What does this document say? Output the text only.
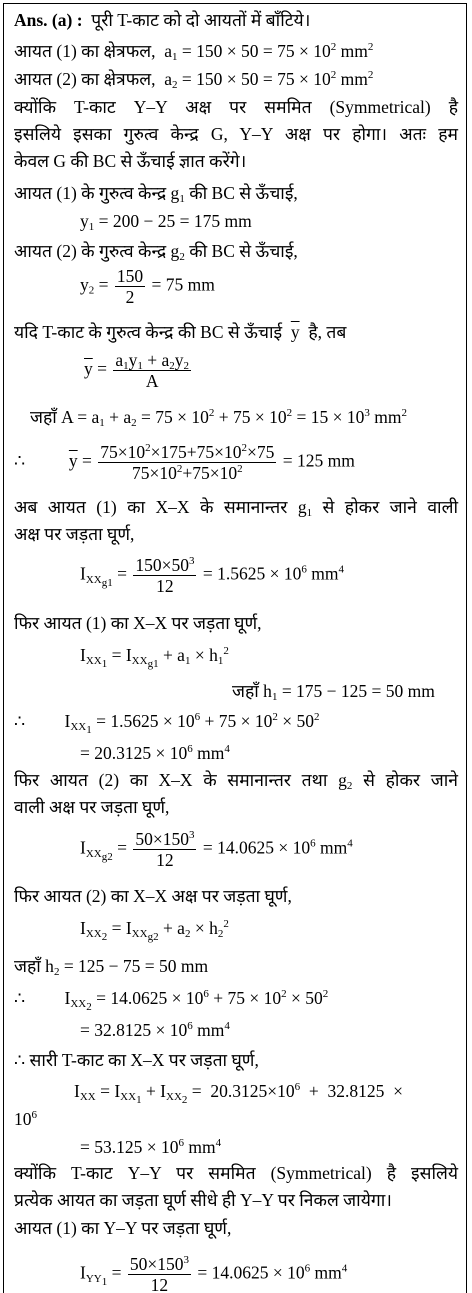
Ans. (a) :  पूरी T-काट को दो आयतों में बाँटिये।
आयत (1) का क्षेत्रफल,  $a_1 = 150 \times 50 = 75 \times 10^2$ $mm^2$
आयत (2) का क्षेत्रफल,  $a_2 = 150 \times 50 = 75 \times 10^2$ $mm^2$
क्योंकि T-काट Y–Y अक्ष पर सममित (Symmetrical) है
इसलिये इसका गुरुत्व केन्द्र G, Y–Y अक्ष पर होगा। अतः हम
केवल G की BC से ऊँचाई ज्ञात करेंगे।
आयत (1) के गुरुत्व केन्द्र $g_1$ की BC से ऊँचाई,
$y_1 = 200 - 25 = 175$ mm
आयत (2) के गुरुत्व केन्द्र $g_2$ की BC से ऊँचाई,
$y_2 = \frac{150}{2} = 75$ mm
यदि T-काट के गुरुत्व केन्द्र की BC से ऊँचाई  $\overline{y}$  है, तब
$\overline{y} = \frac{a_1y_1 + a_2y_2}{A}$
जहाँ $A = a_1 + a_2 = 75 \times 10^2 + 75 \times 10^2 = 15 \times 10^3$ $mm^2$
∴          $\overline{y} = \frac{75\times 10^2\times 175+75\times 10^2\times 75}{75\times 10^2+75\times 10^2} = 125$ mm
अब आयत (1) का X–X के समानान्तर $g_1$ से होकर जाने वाली
अक्ष पर जड़ता घूर्ण,
$I_{XX_{g1}} = \frac{150\times 50^3}{12} = 1.5625 \times 10^6$ $mm^4$
फिर आयत (1) का X–X पर जड़ता घूर्ण,
$I_{XX_1} = I_{XX_{g1}} + a_1 \times h_1^2$
जहाँ $h_1 = 175 - 125 = 50$ mm
∴         $I_{XX_1} = 1.5625 \times 10^6 + 75 \times 10^2 \times 50^2$
= $20.3125 \times 10^6$ $mm^4$
फिर आयत (2) का X–X के समानान्तर तथा $g_2$ से होकर जाने
वाली अक्ष पर जड़ता घूर्ण,
$I_{XX_{g2}} = \frac{50\times 150^3}{12} = 14.0625 \times 10^6$ $mm^4$
फिर आयत (2) का X–X अक्ष पर जड़ता घूर्ण,
$I_{XX_2} = I_{XX_{g2}} + a_2 \times h_2^2$
जहाँ $h_2 = 125 - 75 = 50$ mm
∴         $I_{XX_2} = 14.0625 \times 10^6 + 75 \times 10^2 \times 50^2$
= $32.8125 \times 10^6$ $mm^4$
∴ सारी T-काट का X–X पर जड़ता घूर्ण,
$I_{XX} = I_{XX_1} + I_{XX_2} = 20.3125\times 10^6 + 32.8125$  ×
$10^6$
= $53.125 \times 10^6$ $mm^4$
क्योंकि T-काट Y–Y पर सममित (Symmetrical) है इसलिये
प्रत्येक आयत का जड़ता घूर्ण सीधे ही Y–Y पर निकल जायेगा।
आयत (1) का Y–Y पर जड़ता घूर्ण,
$I_{YY_1} = \frac{50\times 150^3}{12} = 14.0625 \times 10^6$ $mm^4$
